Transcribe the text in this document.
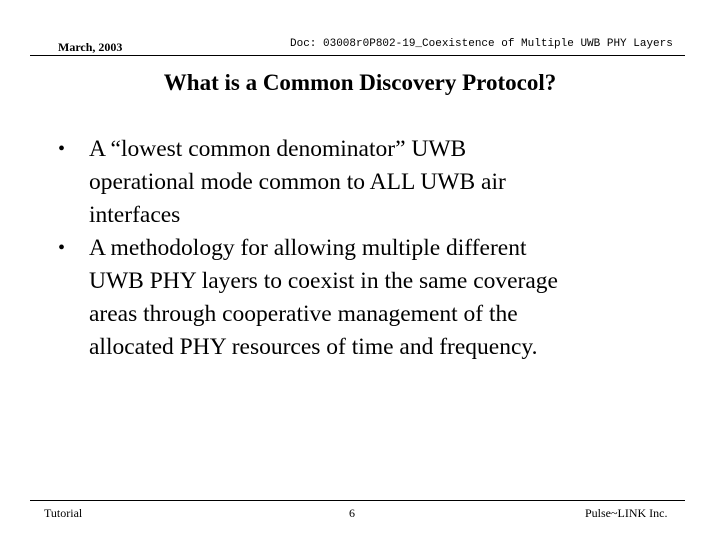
March, 2003	Doc: 03008r0P802-19_Coexistence of Multiple UWB PHY Layers
What is a Common Discovery Protocol?
• A “lowest common denominator” UWB
operational mode common to ALL UWB air
interfaces
• A methodology for allowing multiple different
UWB PHY layers to coexist in the same coverage
areas through cooperative management of the
allocated PHY resources of time and frequency.
Tutorial	6	Pulse~LINK Inc.
